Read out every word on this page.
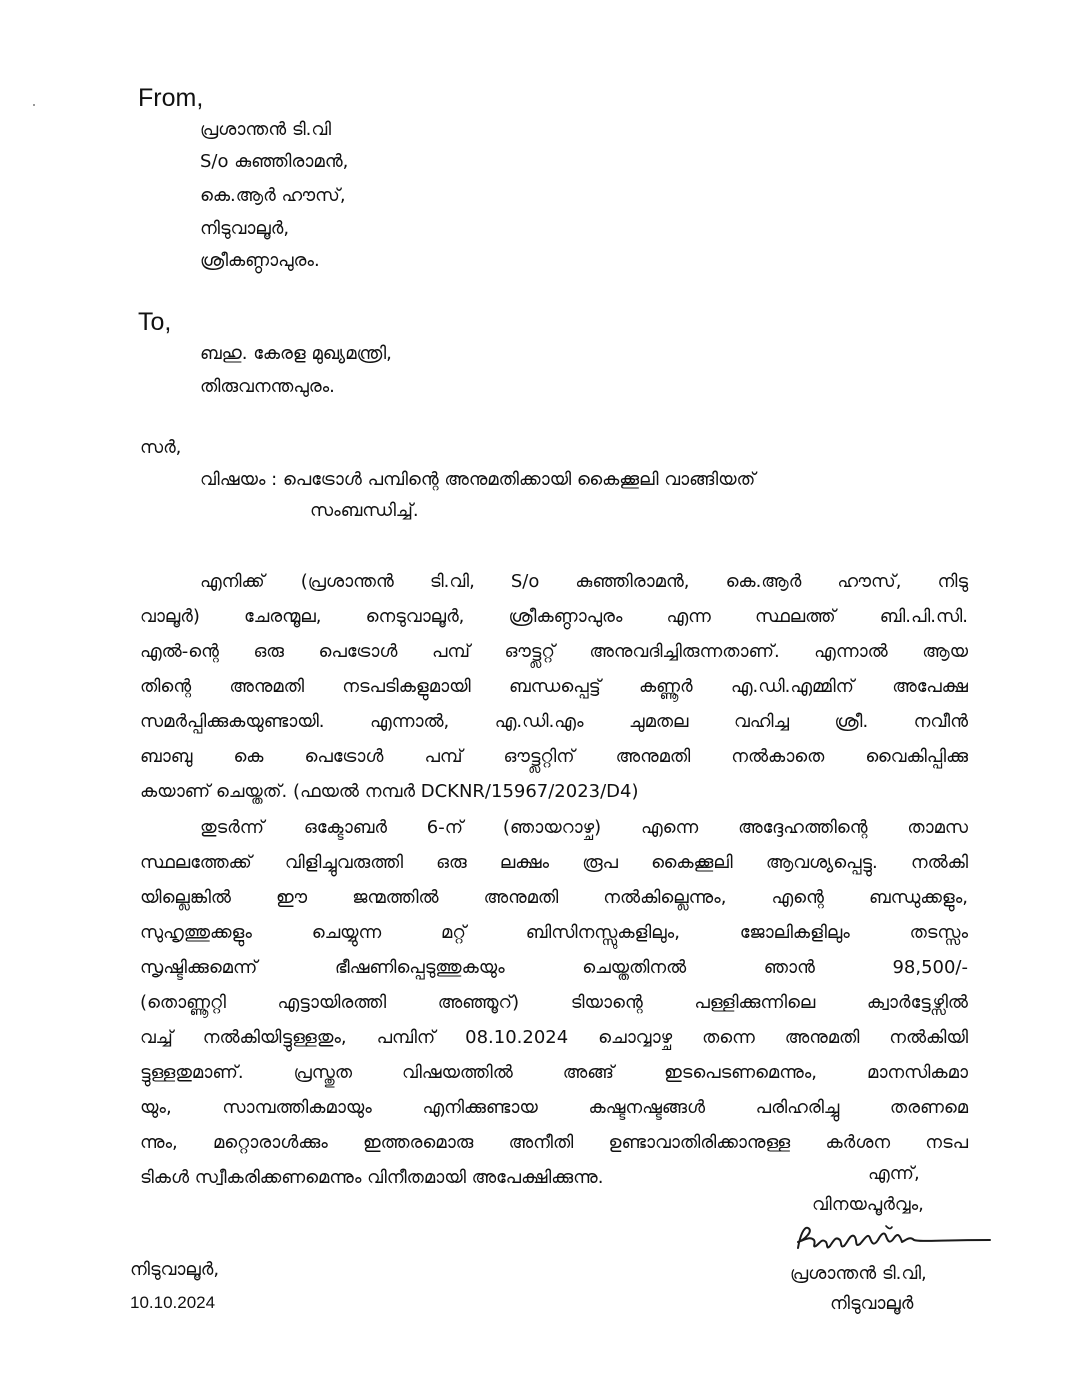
From,
പ്രശാന്തൻ ടി.വി
S/o കുഞ്ഞിരാമൻ,
കെ.ആർ ഹൗസ്,
നിടുവാലൂർ,
ശ്രീകണ്ഠാപുരം.
To,
ബഹു. കേരള മുഖ്യമന്ത്രി,
തിരുവനന്തപുരം.
സർ,
വിഷയം : പെട്രോൾ പമ്പിന്റെ അനുമതിക്കായി കൈക്കൂലി വാങ്ങിയത്
സംബന്ധിച്ച്.
എനിക്ക് (പ്രശാന്തൻ ടി.വി, S/o കുഞ്ഞിരാമൻ, കെ.ആർ ഹൗസ്, നിടു
വാലൂർ) ചേരന്മൂല, നെടുവാലൂർ, ശ്രീകണ്ഠാപുരം എന്ന സ്ഥലത്ത് ബി.പി.സി.
എൽ-ന്റെ ഒരു പെട്രോൾ പമ്പ് ഔട്ട്ലറ്റ് അനുവദിച്ചിരുന്നതാണ്. എന്നാൽ ആയ
തിന്റെ അനുമതി നടപടികളുമായി ബന്ധപ്പെട്ട് കണ്ണൂർ എ.ഡി.എമ്മിന് അപേക്ഷ
സമർപ്പിക്കുകയുണ്ടായി. എന്നാൽ, എ.ഡി.എം ചുമതല വഹിച്ച ശ്രീ. നവീൻ
ബാബു കെ പെട്രോൾ പമ്പ് ഔട്ട്ലറ്റിന് അനുമതി നൽകാതെ വൈകിപ്പിക്കു
കയാണ് ചെയ്തത്. (ഫയൽ നമ്പർ DCKNR/15967/2023/D4)
തുടർന്ന് ഒക്ടോബർ 6-ന് (ഞായറാഴ്ച) എന്നെ അദ്ദേഹത്തിന്റെ താമസ
സ്ഥലത്തേക്ക് വിളിച്ചുവരുത്തി ഒരു ലക്ഷം രൂപ കൈക്കൂലി ആവശ്യപ്പെട്ടു. നൽകി
യില്ലെങ്കിൽ ഈ ജന്മത്തിൽ അനുമതി നൽകില്ലെന്നും, എന്റെ ബന്ധുക്കളും,
സുഹൃത്തുക്കളും ചെയ്യുന്ന മറ്റ് ബിസിനസ്സുകളിലും, ജോലികളിലും തടസ്സം
സൃഷ്ടിക്കുമെന്ന് ഭീഷണിപ്പെടുത്തുകയും ചെയ്തതിനൽ ഞാൻ 98,500/-
(തൊണ്ണൂറ്റി എട്ടായിരത്തി അഞ്ഞൂറ്) ടിയാന്റെ പള്ളിക്കുന്നിലെ ക്വാർട്ടേഴ്സിൽ
വച്ച് നൽകിയിട്ടുള്ളതും, പമ്പിന് 08.10.2024 ചൊവ്വാഴ്ച തന്നെ അനുമതി നൽകിയി
ട്ടുള്ളതുമാണ്. പ്രസ്തുത വിഷയത്തിൽ അങ്ങ് ഇടപെടണമെന്നും, മാനസികമാ
യും, സാമ്പത്തികമായും എനിക്കുണ്ടായ കഷ്ടനഷ്ടങ്ങൾ പരിഹരിച്ചു തരണമെ
ന്നും, മറ്റൊരാൾക്കും ഇത്തരമൊരു അനീതി ഉണ്ടാവാതിരിക്കാനുള്ള കർശന നടപ
ടികൾ സ്വീകരിക്കണമെന്നും വിനീതമായി അപേക്ഷിക്കുന്നു.	എന്ന്,
വിനയപൂർവ്വം,
പ്രശാന്തൻ ടി.വി,
നിടുവാലൂർ
നിടുവാലൂർ,
10.10.2024
